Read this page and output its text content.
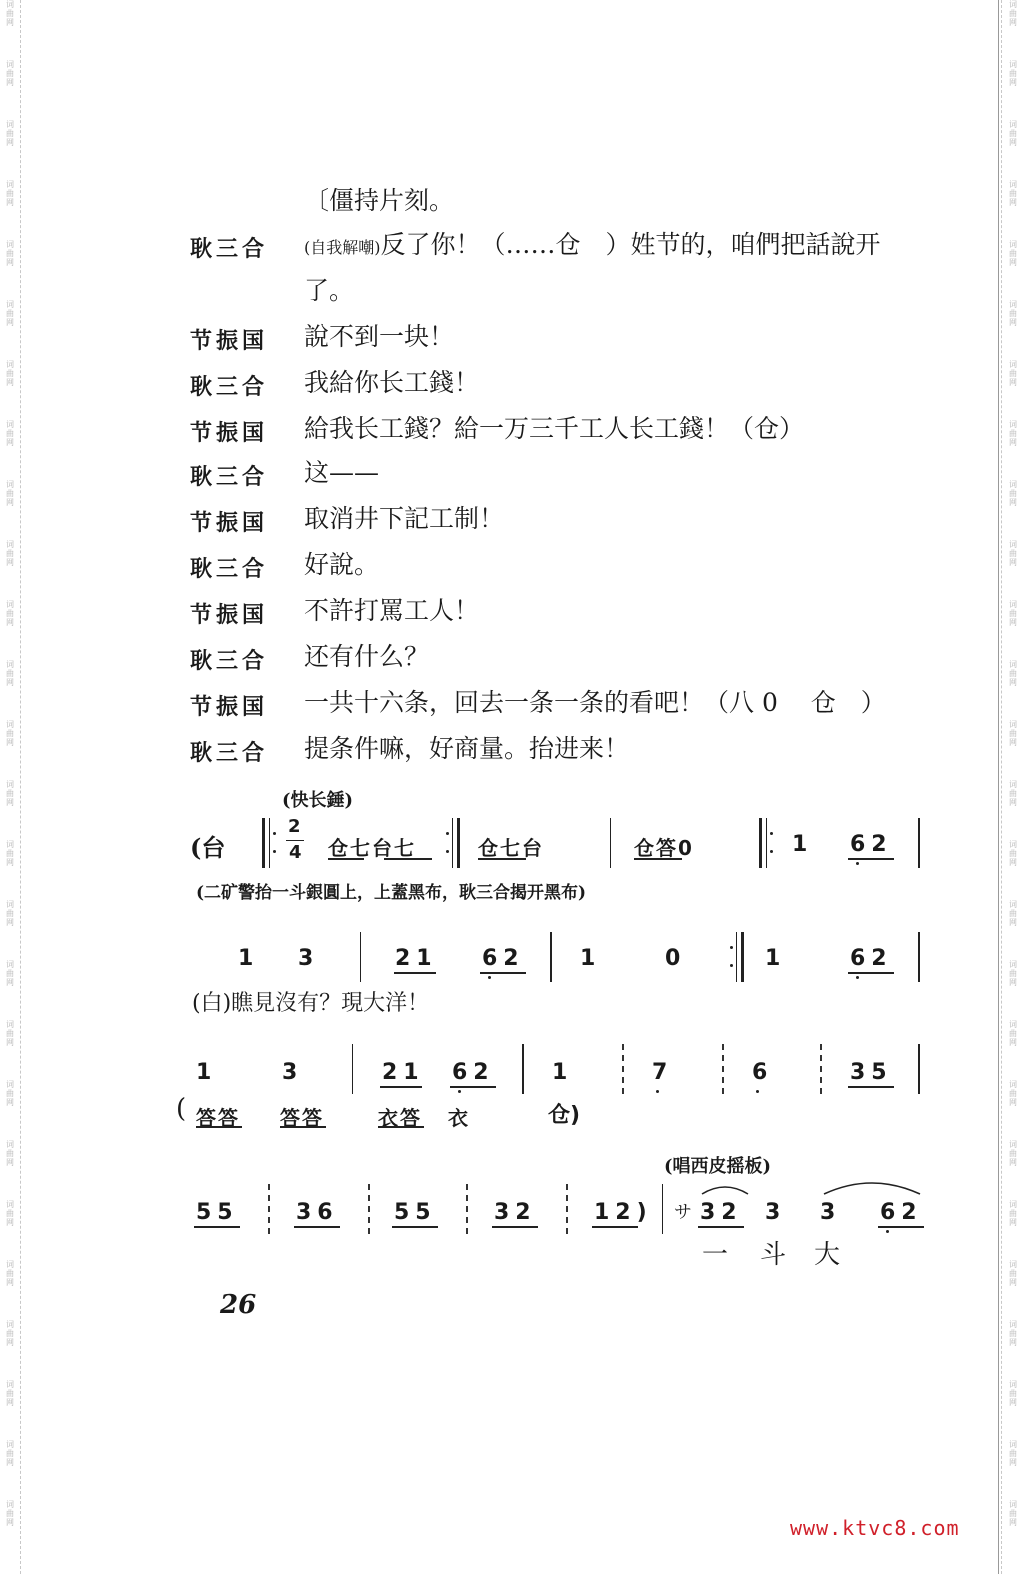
词
曲
网
词
曲
网
词
曲
网
词
曲
网
词
曲
网
词
曲
网
词
曲
网
词
曲
网
词
曲
网
词
曲
网
词
曲
网
词
曲
网
词
曲
网
词
曲
网
词
曲
网
词
曲
网
词
曲
网
词
曲
网
词
曲
网
词
曲
网
词
曲
网
词
曲
网
词
曲
网
词
曲
网
词
曲
网
词
曲
网
词
曲
网
词
曲
网
词
曲
网
词
曲
网
词
曲
网
词
曲
网
词
曲
网
词
曲
网
词
曲
网
词
曲
网
词
曲
网
词
曲
网
词
曲
网
词
曲
网
词
曲
网
词
曲
网
词
曲
网
词
曲
网
词
曲
网
词
曲
网
词
曲
网
词
曲
网
词
曲
网
词
曲
网
词
曲
网
词
曲
网
〔僵持片刻。
耿三合 (自我解嘲)反了你！（……仓　）姓节的，咱們把話說开
了。
节振国 說不到一块！
耿三合 我給你长工錢！
节振国 給我长工錢？給一万三千工人长工錢！（仓）
耿三合 这——
节振国 取消井下記工制！
耿三合 好說。
节振国 不許打罵工人！
耿三合 还有什么？
节振国 一共十六条，回去一条一条的看吧！（八 0 　仓　）
耿三合 提条件嘛，好商量。抬进来！
(快长錘)
(台
2
4 仓七台七	仓七台	仓答0	1 62
(二矿警抬一斗銀圓上，上蓋黑布，耿三合揭开黑布)
1 3	21 62	1	0	1	62
(白)瞧見沒有？現大洋！
1	3	21 62	1	7	6	35
( 答答 答答	衣答 衣	仓)
(唱西皮摇板)
55	36	55	32	12) サ 32 3 3 62
一 斗 大
26
www.ktvc8.com
